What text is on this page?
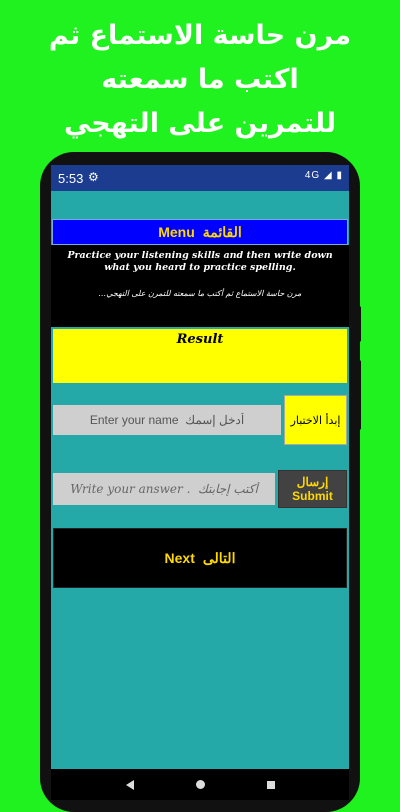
مرن حاسة الاستماع ثم
اكتب ما سمعته
للتمرين على التهجي
5:53 ⚙	4G ◢ ▮
Menu القائمة
Practice your listening skills and then write down what you heard to practice spelling.
مرن حاسة الاستماع ثم أكتب ما سمعته للتمرن على التهجي...
Result
Enter your name أدخل إسمك
إبدأ الاختبار
Write your answer . أكتب إجابتك
إرسال
Submit
Next التالى
